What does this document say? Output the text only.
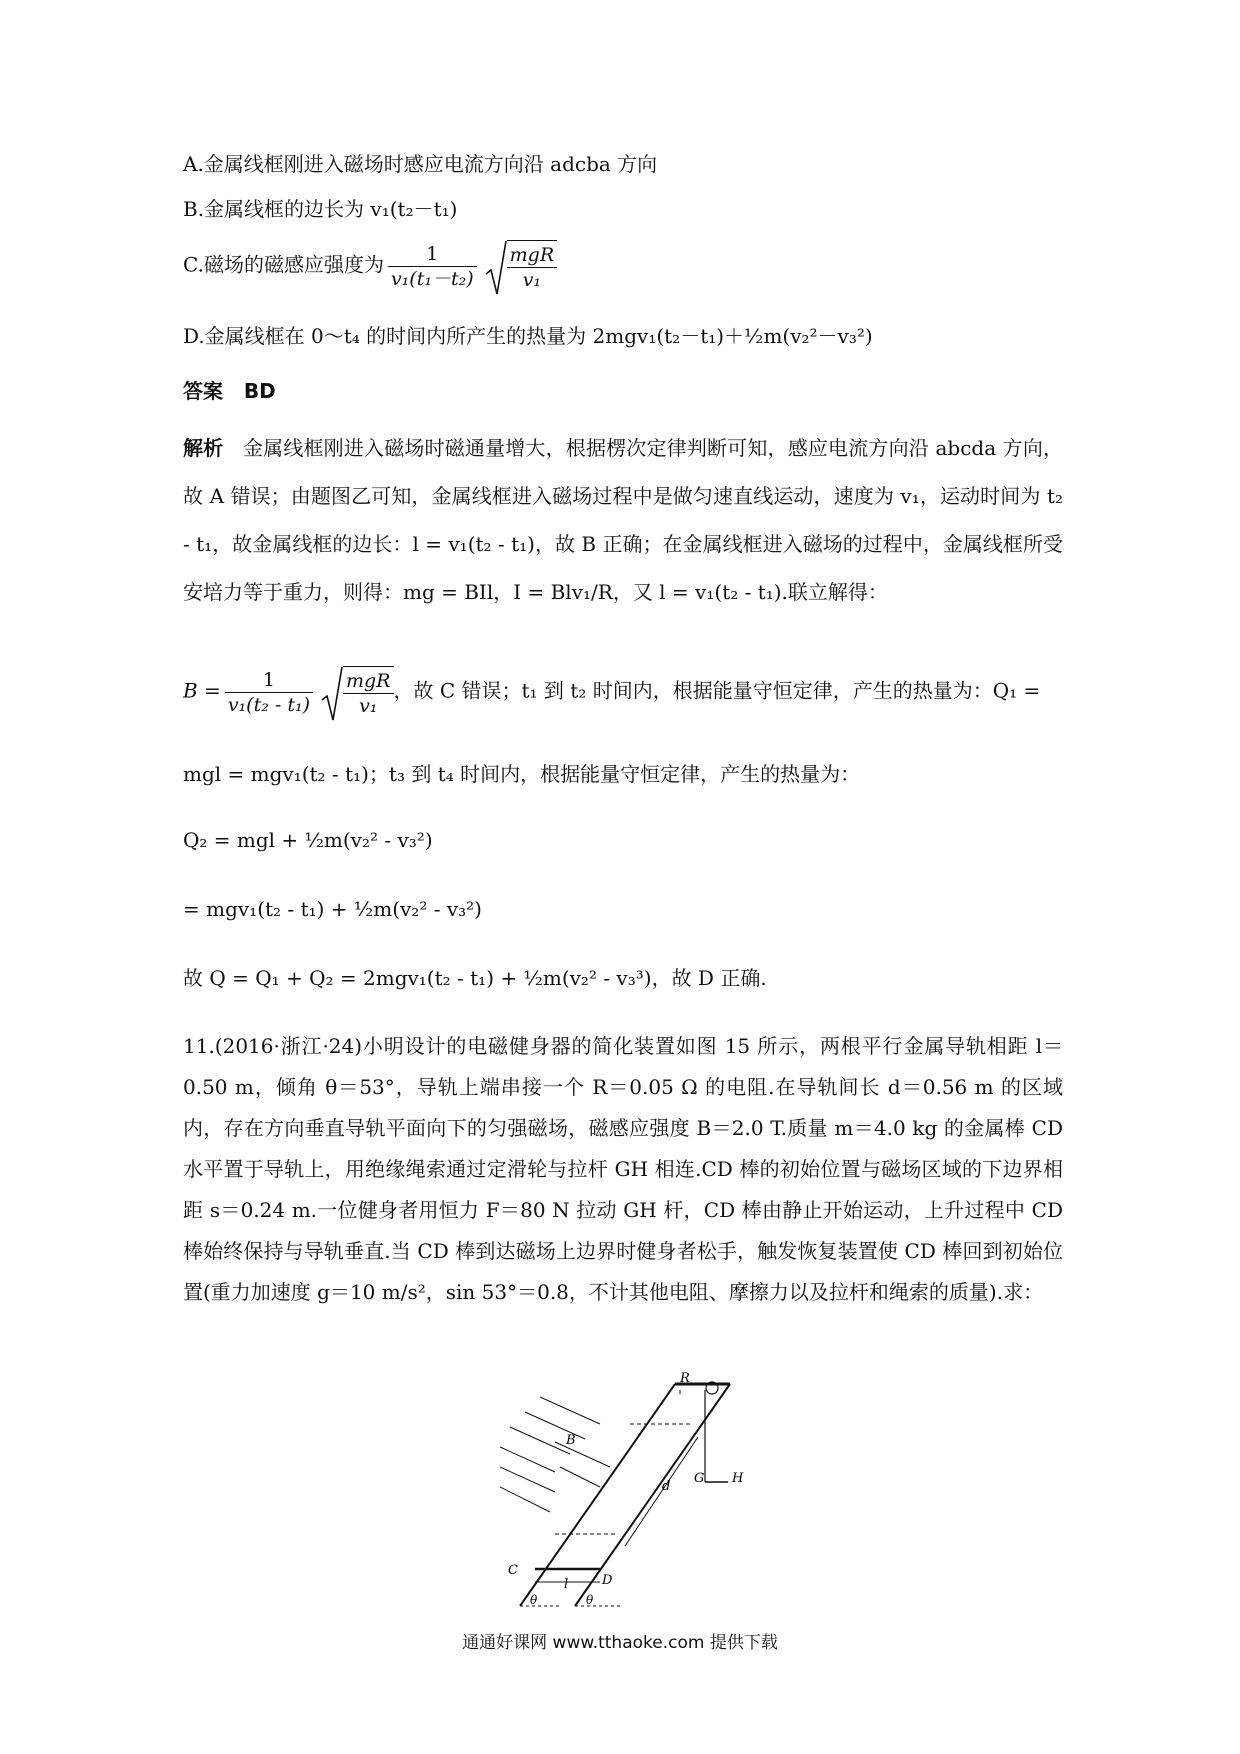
A.金属线框刚进入磁场时感应电流方向沿 adcba 方向
B.金属线框的边长为 v₁(t₂－t₁)
C.磁场的磁感应强度为 $\frac{1}{\text{v₁(t₁－t₂)}} \frac{\text{mgR}}{\text{v₁}}$
D.金属线框在 0～t₄ 的时间内所产生的热量为 2mgv₁(t₂－t₁)＋½m(v₂²－v₃²)
答案 BD
解析 金属线框刚进入磁场时磁通量增大，根据楞次定律判断可知，感应电流方向沿 abcda 方向，故 A 错误；由题图乙可知，金属线框进入磁场过程中是做匀速直线运动，速度为 v₁，运动时间为 t₂ - t₁，故金属线框的边长：l = v₁(t₂ - t₁)，故 B 正确；在金属线框进入磁场的过程中，金属线框所受安培力等于重力，则得：mg = BIl，I = Blv₁/R，又 l = v₁(t₂ - t₁).联立解得：
$B = \frac{1}{\text{v₁(t₂ - t₁)}} \frac{\text{mgR}}{\text{v₁}}$ ，故 C 错误；t₁ 到 t₂ 时间内，根据能量守恒定律，产生的热量为：Q₁ =
mgl = mgv₁(t₂ - t₁)；t₃ 到 t₄ 时间内，根据能量守恒定律，产生的热量为：
Q₂ = mgl + ½m(v₂² - v₃²)
= mgv₁(t₂ - t₁) + ½m(v₂² - v₃²)
故 Q = Q₁ + Q₂ = 2mgv₁(t₂ - t₁) + ½m(v₂² - v₃³)，故 D 正确.
11.(2016·浙江·24)小明设计的电磁健身器的简化装置如图 15 所示，两根平行金属导轨相距 l＝0.50 m，倾角 θ＝53°，导轨上端串接一个 R＝0.05 Ω 的电阻.在导轨间长 d＝0.56 m 的区域内，存在方向垂直导轨平面向下的匀强磁场，磁感应强度 B＝2.0 T.质量 m＝4.0 kg 的金属棒 CD 水平置于导轨上，用绝缘绳索通过定滑轮与拉杆 GH 相连.CD 棒的初始位置与磁场区域的下边界相距 s＝0.24 m.一位健身者用恒力 F＝80 N 拉动 GH 杆，CD 棒由静止开始运动，上升过程中 CD 棒始终保持与导轨垂直.当 CD 棒到达磁场上边界时健身者松手，触发恢复装置使 CD 棒回到初始位置(重力加速度 g＝10 m/s²，sin 53°＝0.8，不计其他电阻、摩擦力以及拉杆和绳索的质量).求：
R
G H
B
d
C
D
l
θ	θ
通通好课网 www.tthaoke.com 提供下载
